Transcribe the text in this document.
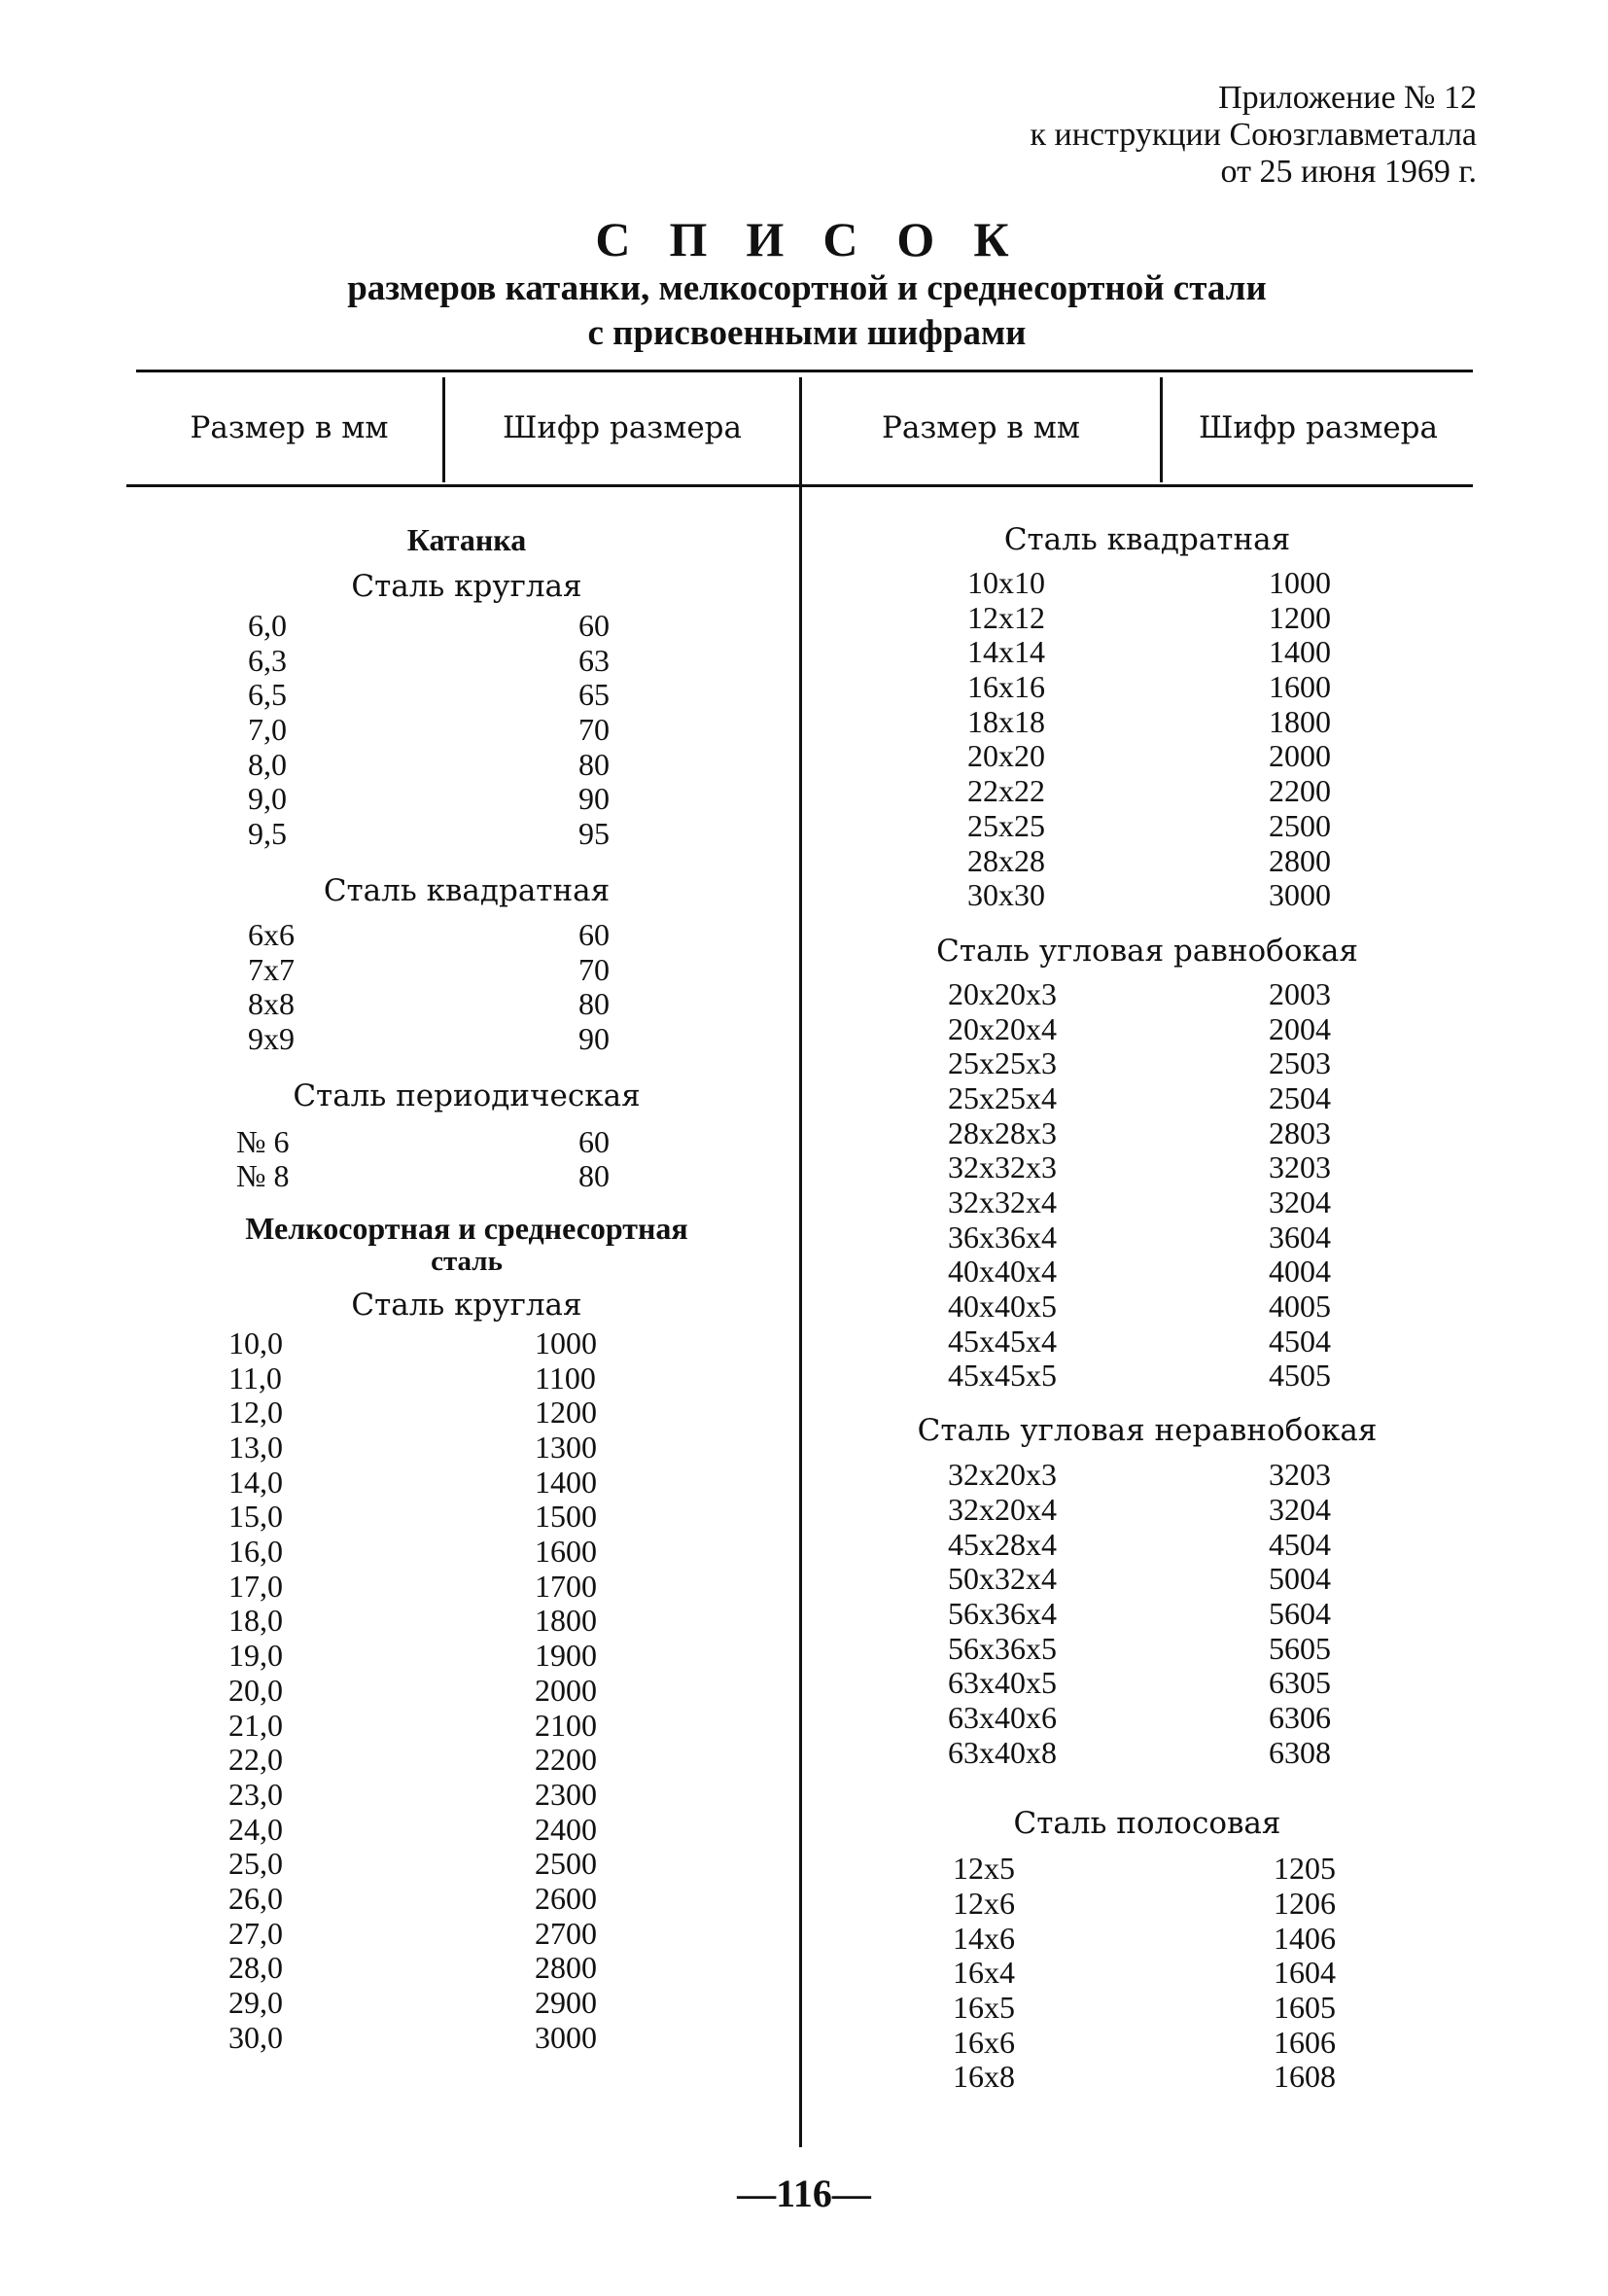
Приложение № 12
к инструкции Союзглавметалла
от 25 июня 1969 г.
СПИСОК
размеров катанки, мелкосортной и среднесортной стали
с присвоенными шифрами
Размер в мм	Шифр размера	Размер в мм	Шифр размера
Катанка
Сталь круглая
6,0	60
6,3	63
6,5	65
7,0	70
8,0	80
9,0	90
9,5	95
Сталь квадратная
6х6	60
7х7	70
8х8	80
9х9	90
Сталь периодическая
№ 6	60
№ 8	80
Мелкосортная и среднесортная
сталь
Сталь круглая
10,0	1000
11,0	1100
12,0	1200
13,0	1300
14,0	1400
15,0	1500
16,0	1600
17,0	1700
18,0	1800
19,0	1900
20,0	2000
21,0	2100
22,0	2200
23,0	2300
24,0	2400
25,0	2500
26,0	2600
27,0	2700
28,0	2800
29,0	2900
30,0	3000
Сталь квадратная
10х10	1000
12х12	1200
14х14	1400
16х16	1600
18х18	1800
20х20	2000
22х22	2200
25х25	2500
28х28	2800
30х30	3000
Сталь угловая равнобокая
20х20х3	2003
20х20х4	2004
25х25х3	2503
25х25х4	2504
28х28х3	2803
32х32х3	3203
32х32х4	3204
36х36х4	3604
40х40х4	4004
40х40х5	4005
45х45х4	4504
45х45х5	4505
Сталь угловая неравнобокая
32х20х3	3203
32х20х4	3204
45х28х4	4504
50х32х4	5004
56х36х4	5604
56х36х5	5605
63х40х5	6305
63х40х6	6306
63х40х8	6308
Сталь полосовая
12х5	1205
12х6	1206
14х6	1406
16х4	1604
16х5	1605
16х6	1606
16х8	1608
—116—
